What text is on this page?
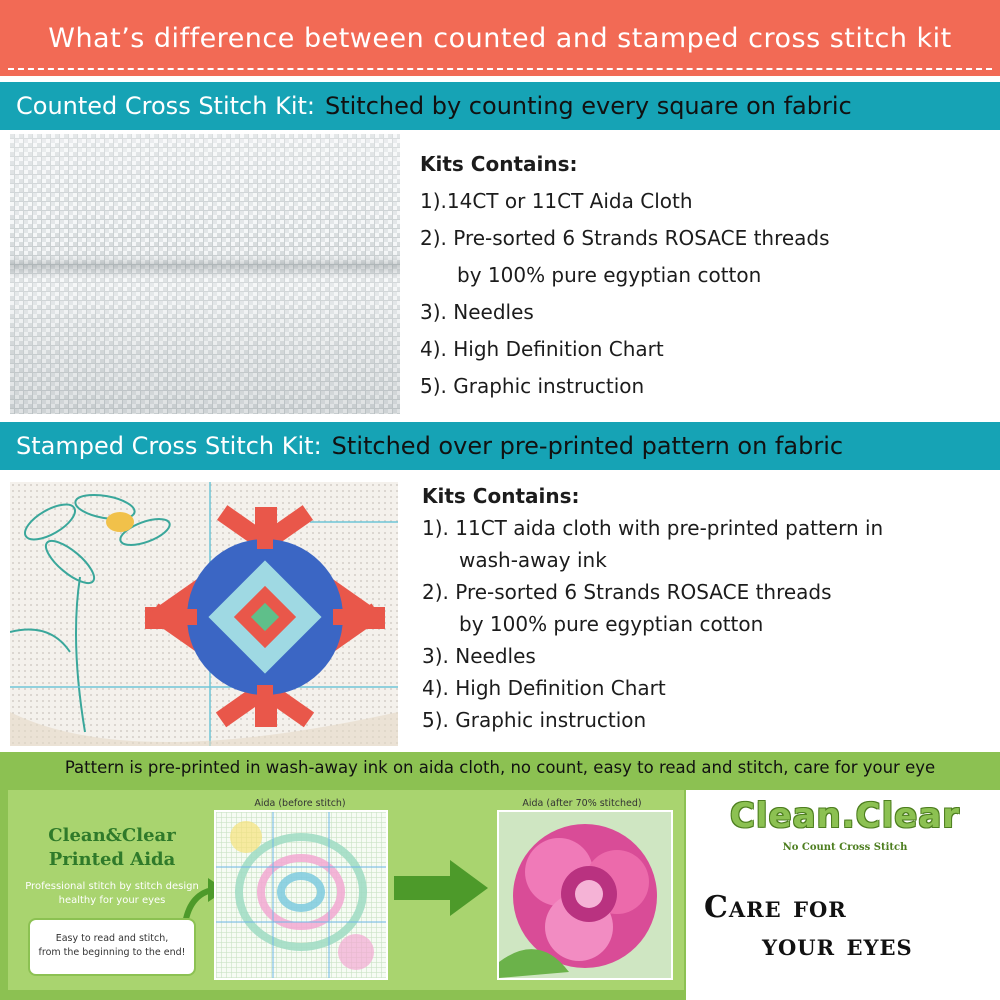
What’s difference between counted and stamped cross stitch kit
Counted Cross Stitch Kit: Stitched by counting every square on fabric
Kits Contains:
1).14CT or 11CT Aida Cloth
2). Pre-sorted 6 Strands ROSACE threads
by 100% pure egyptian cotton
3). Needles
4). High Definition Chart
5). Graphic instruction
Stamped Cross Stitch Kit: Stitched over pre-printed pattern on fabric
Kits Contains:
1). 11CT aida cloth with pre-printed pattern in
wash-away ink
2). Pre-sorted 6 Strands ROSACE threads
by 100% pure egyptian cotton
3). Needles
4). High Definition Chart
5). Graphic instruction
Pattern is pre-printed in wash-away ink on aida cloth, no count, easy to read and stitch, care for your eye
Clean&Clear
Printed Aida
Professional stitch by stitch design
healthy for your eyes
Easy to read and stitch,
from the beginning to the end!
Aida (before stitch)	Aida (after 70% stitched)	Clean.Clear
No Count Cross Stitch
Care for
your eyes
